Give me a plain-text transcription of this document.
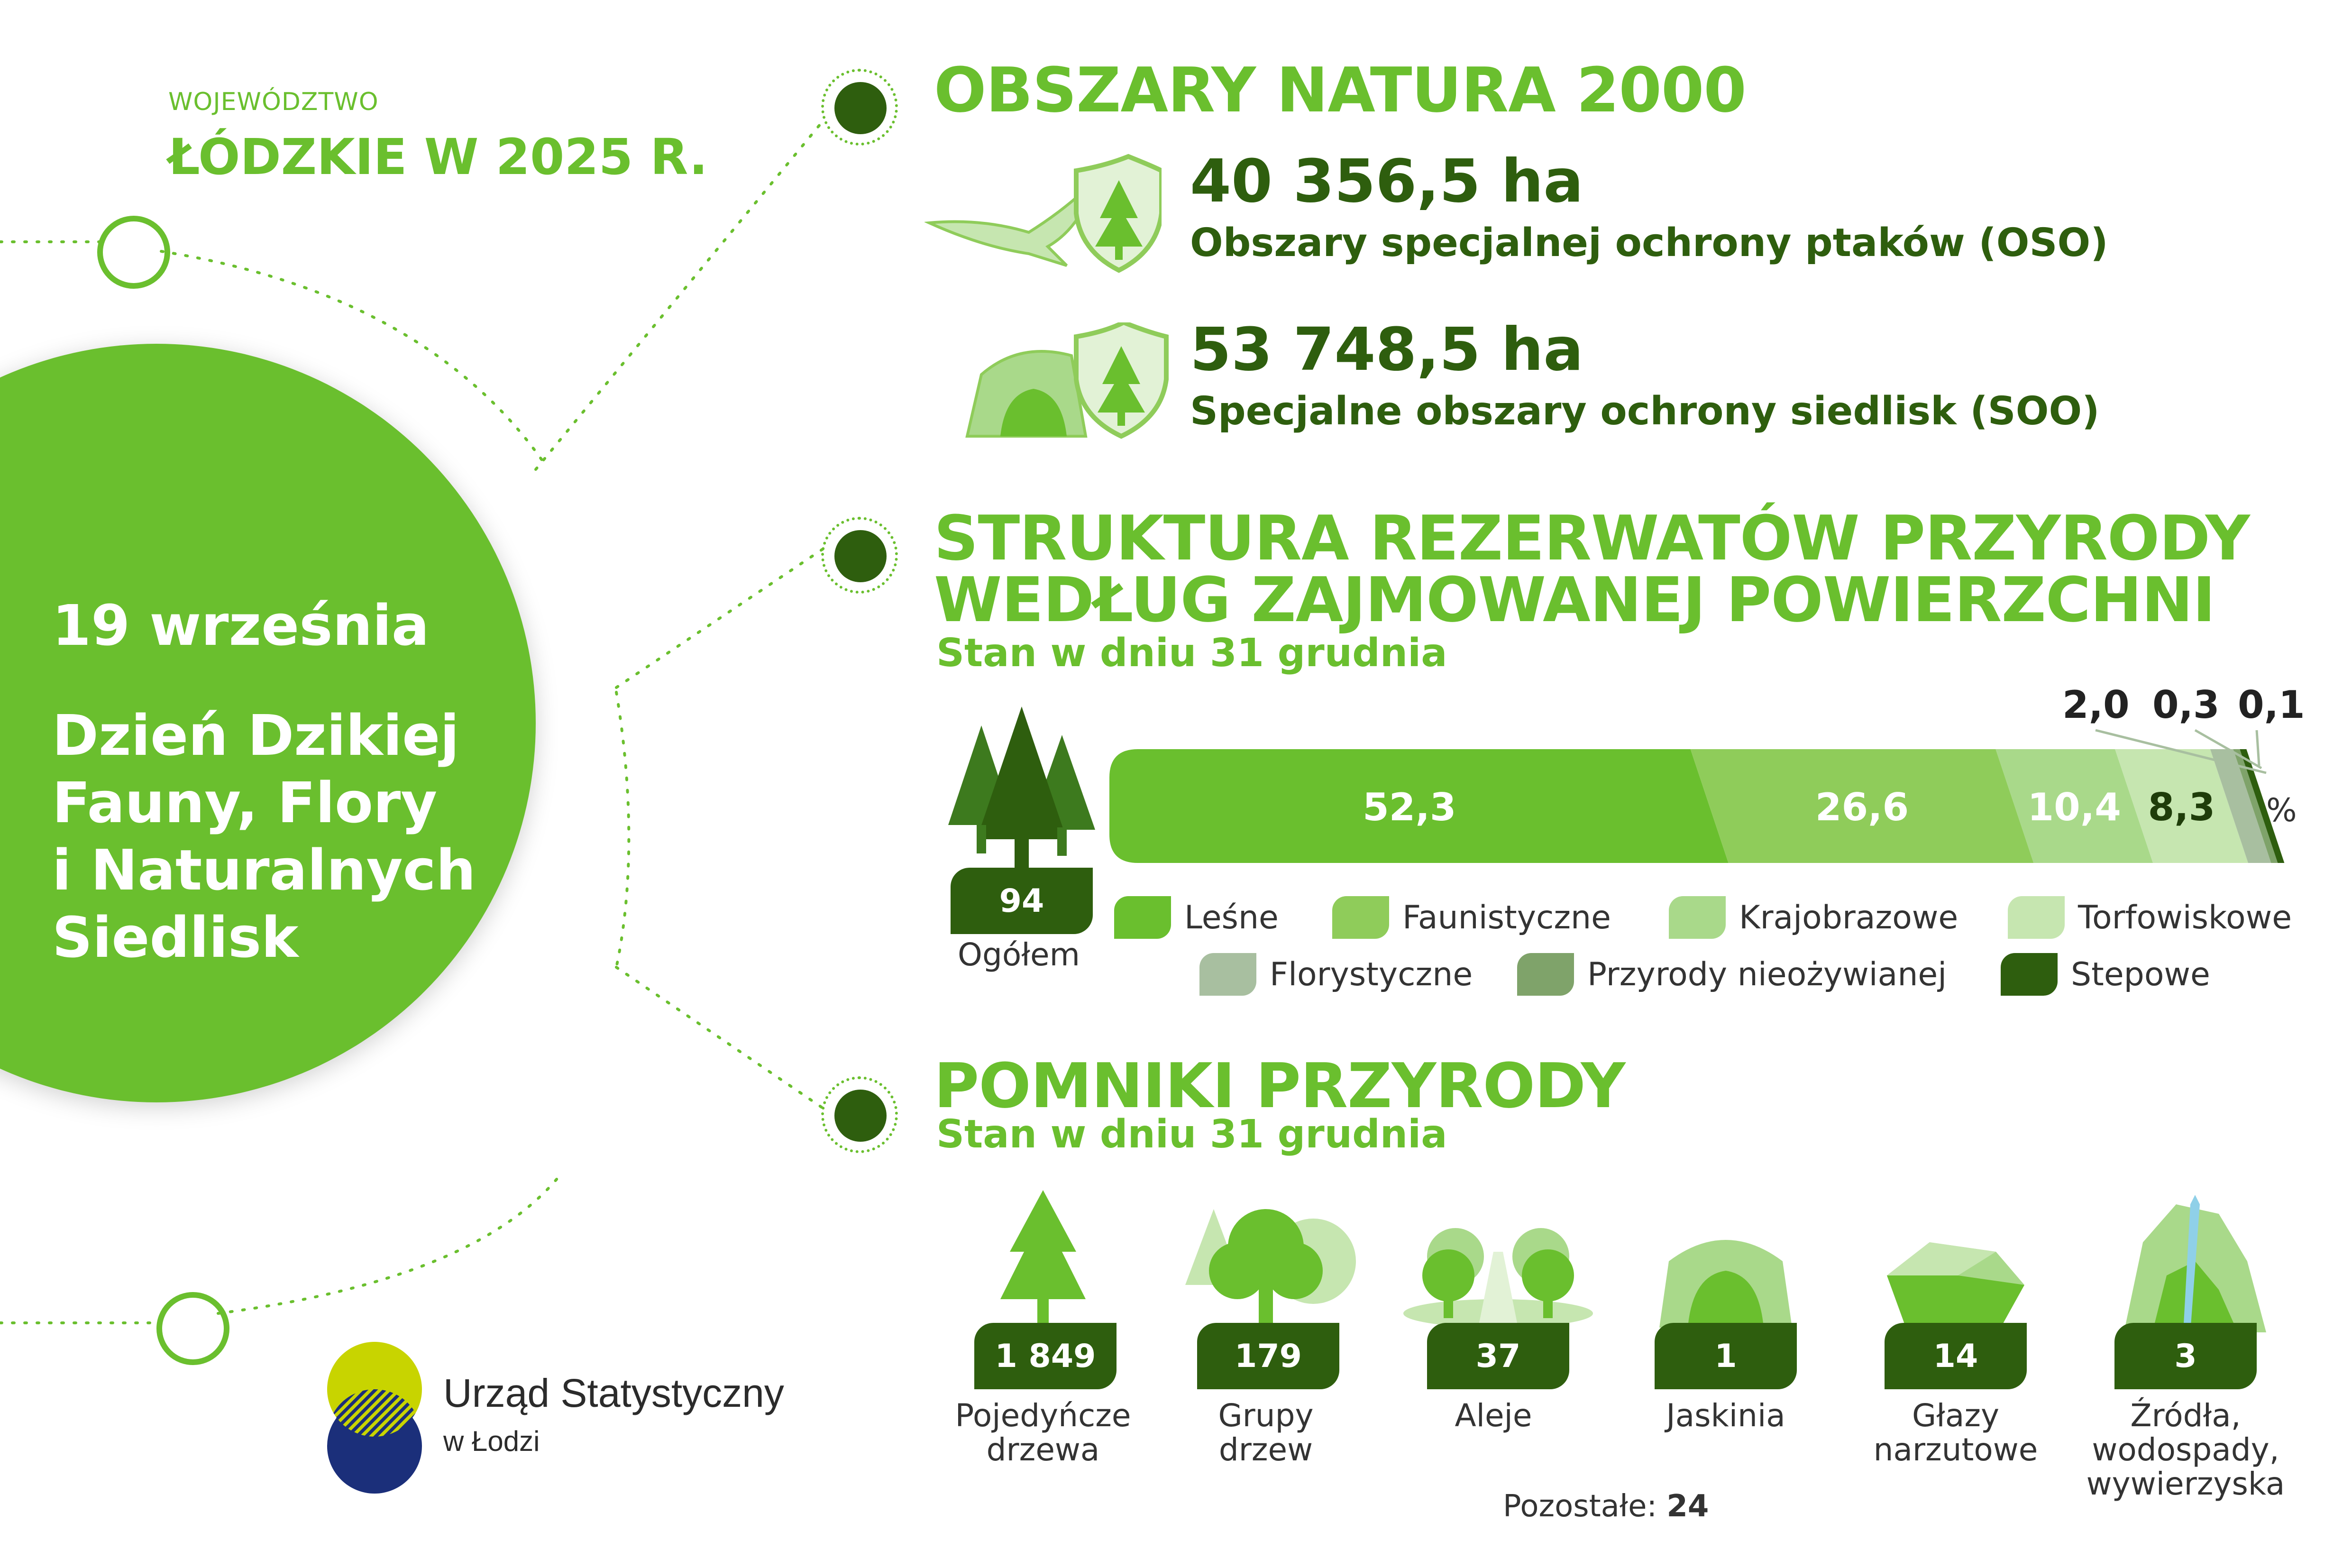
WOJEWÓDZTWO
ŁÓDZKIE W 2025 R.
19 września
Dzień Dzikiej
Fauny, Flory
i Naturalnych
Siedlisk
OBSZARY NATURA 2000
40 356,5 ha
Obszary specjalnej ochrony ptaków (OSO)
53 748,5 ha
Specjalne obszary ochrony siedlisk (SOO)
STRUKTURA REZERWATÓW PRZYRODY
WEDŁUG ZAJMOWANEJ POWIERZCHNI
Stan w dniu 31 grudnia
94
Ogółem
52,3	26,6	10,4 8,3
2,0 0,3 0,1
%
Leśne	Faunistyczne	Krajobrazowe	Torfowiskowe
Florystyczne	Przyrody nieożywianej	Stepowe
POMNIKI PRZYRODY
Stan w dniu 31 grudnia
1 849	179	37	1	14	3
Pojedyńcze drzewa
Grupy drzew
Aleje	Jaskinia	Głazy narzutowe
Źródła, wodospady, wywierzyska
Pozostałe: 24
Urząd Statystyczny
w Łodzi
